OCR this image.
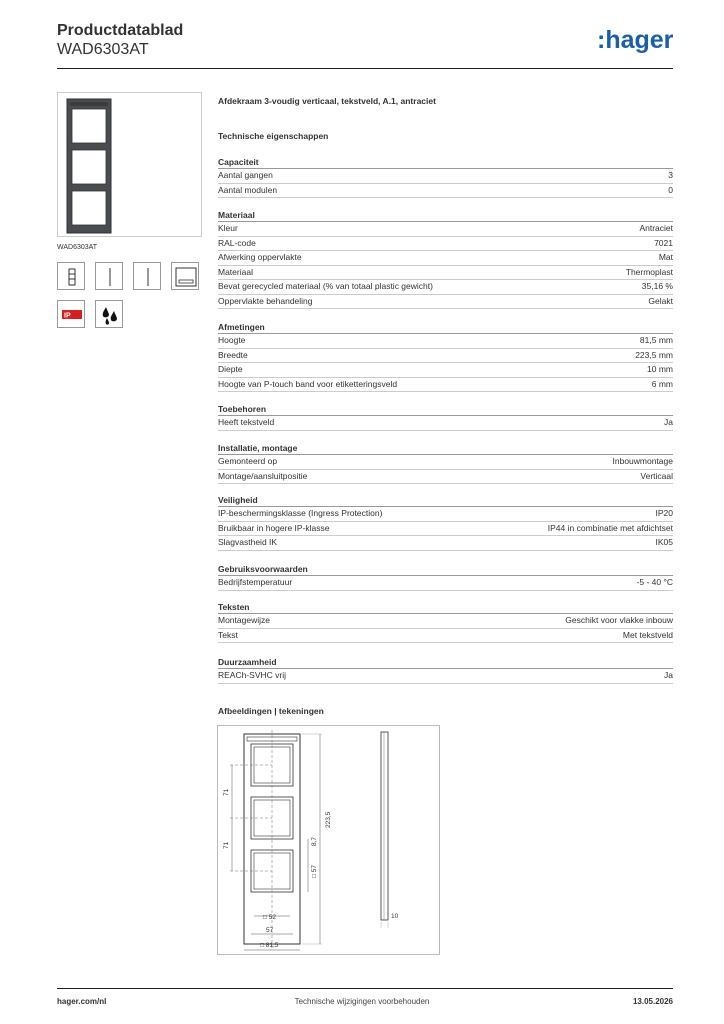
Productdatablad
WAD6303AT	:hager
WAD6303AT
IP
Afdekraam 3-voudig verticaal, tekstveld, A.1, antraciet
Technische eigenschappen
Capaciteit
Aantal gangen	3
Aantal modulen	0
Materiaal
Kleur	Antraciet
RAL-code	7021
Afwerking oppervlakte	Mat
Materiaal	Thermoplast
Bevat gerecycled materiaal (% van totaal plastic gewicht)	35,16 %
Oppervlakte behandeling	Gelakt
Afmetingen
Hoogte	81,5 mm
Breedte	223,5 mm
Diepte	10 mm
Hoogte van P-touch band voor etiketteringsveld	6 mm
Toebehoren
Heeft tekstveld	Ja
Installatie, montage
Gemonteerd op	Inbouwmontage
Montage/aansluitpositie	Verticaal
Veiligheid
IP-beschermingsklasse (Ingress Protection)	IP20
Bruikbaar in hogere IP-klasse	IP44 in combinatie met afdichtset
Slagvastheid IK	IK05
Gebruiksvoorwaarden
Bedrijfstemperatuur	-5 - 40 °C
Teksten
Montagewijze	Geschikt voor vlakke inbouw
Tekst	Met tekstveld
Duurzaamheid
REACh-SVHC vrij	Ja
Afbeeldingen | tekeningen
71
71
223,5
8,7
□ 57
□ 52
57
□ 81,5
10
hager.com/nl	Technische wijzigingen voorbehouden	13.05.2026
